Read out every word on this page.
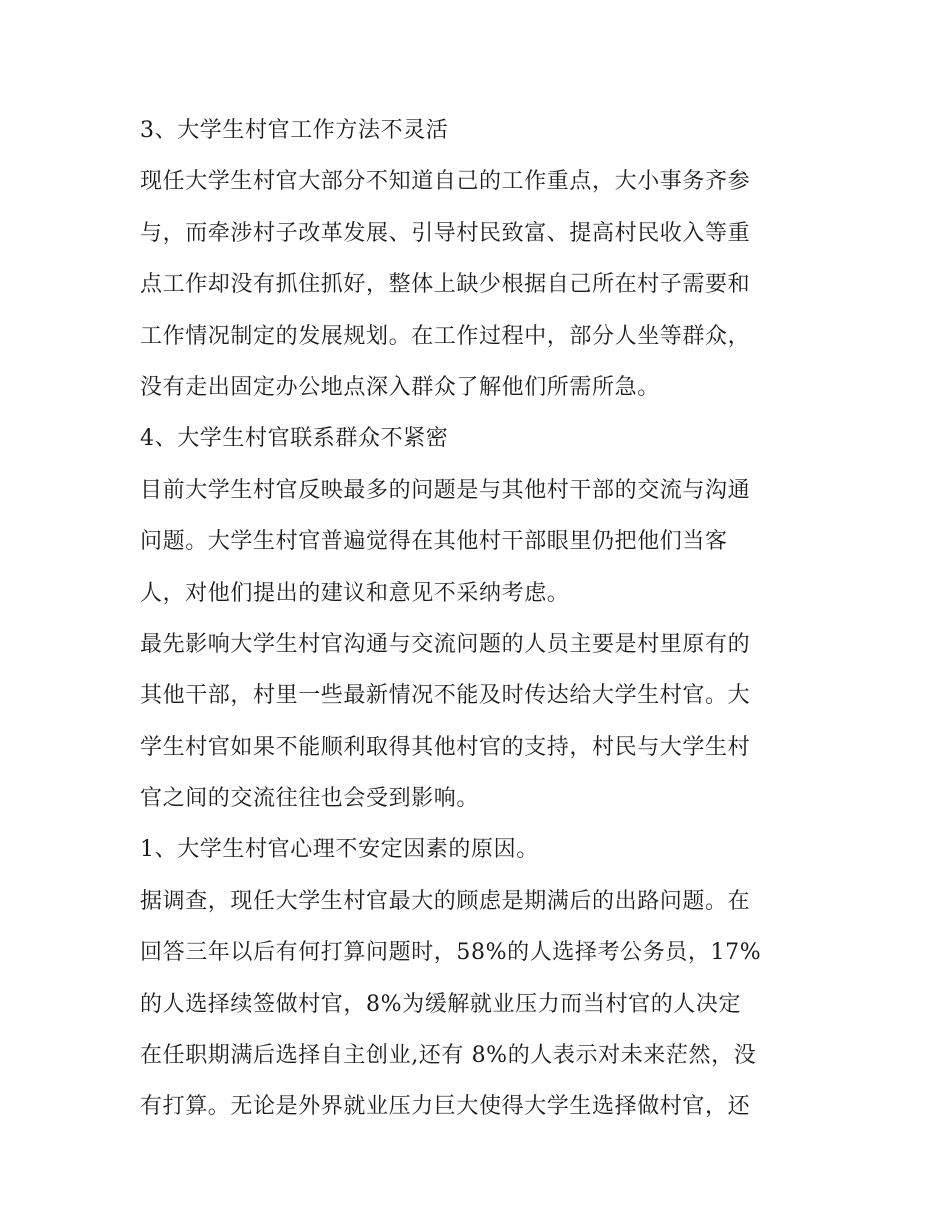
3、大学生村官工作方法不灵活
现任大学生村官大部分不知道自己的工作重点，大小事务齐参
与，而牵涉村子改革发展、引导村民致富、提高村民收入等重
点工作却没有抓住抓好，整体上缺少根据自己所在村子需要和
工作情况制定的发展规划。在工作过程中，部分人坐等群众，
没有走出固定办公地点深入群众了解他们所需所急。
4、大学生村官联系群众不紧密
目前大学生村官反映最多的问题是与其他村干部的交流与沟通
问题。大学生村官普遍觉得在其他村干部眼里仍把他们当客
人，对他们提出的建议和意见不采纳考虑。
最先影响大学生村官沟通与交流问题的人员主要是村里原有的
其他干部，村里一些最新情况不能及时传达给大学生村官。大
学生村官如果不能顺利取得其他村官的支持，村民与大学生村
官之间的交流往往也会受到影响。
1、大学生村官心理不安定因素的原因。
据调查，现任大学生村官最大的顾虑是期满后的出路问题。在
回答三年以后有何打算问题时，58%的人选择考公务员，17%
的人选择续签做村官，8%为缓解就业压力而当村官的人决定
在任职期满后选择自主创业,还有 8%的人表示对未来茫然，没
有打算。无论是外界就业压力巨大使得大学生选择做村官，还
